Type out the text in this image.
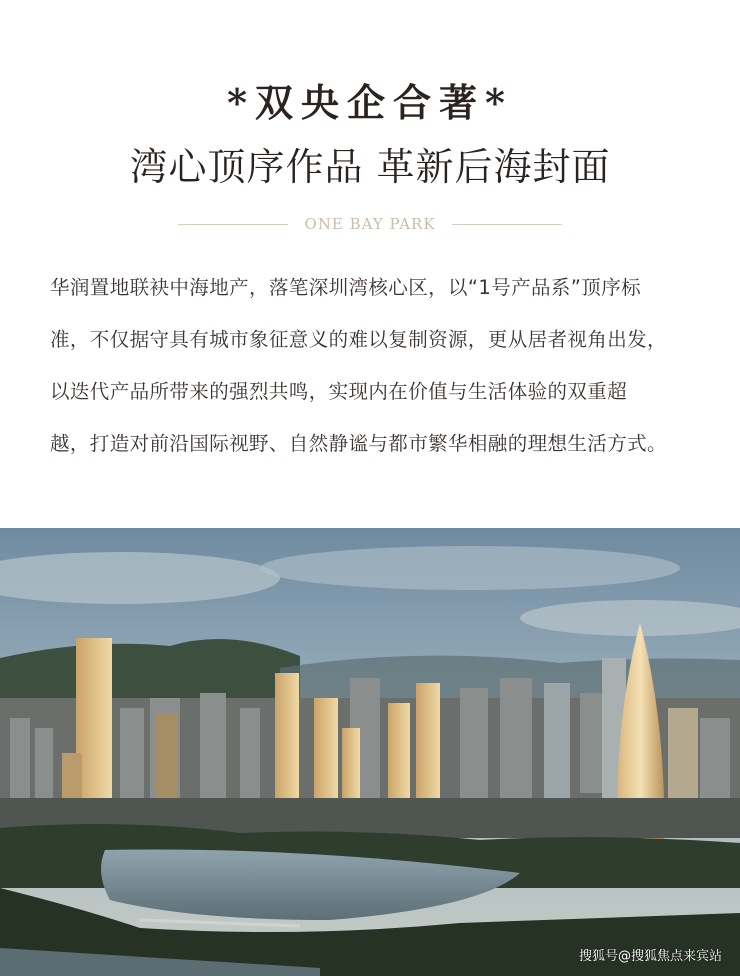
*双央企合著*
湾心顶序作品 革新后海封面
ONE BAY PARK
华润置地联袂中海地产，落笔深圳湾核心区，以“1号产品系”顶序标
准，不仅据守具有城市象征意义的难以复制资源，更从居者视角出发，
以迭代产品所带来的强烈共鸣，实现内在价值与生活体验的双重超
越，打造对前沿国际视野、自然静谧与都市繁华相融的理想生活方式。
搜狐号@搜狐焦点来宾站
